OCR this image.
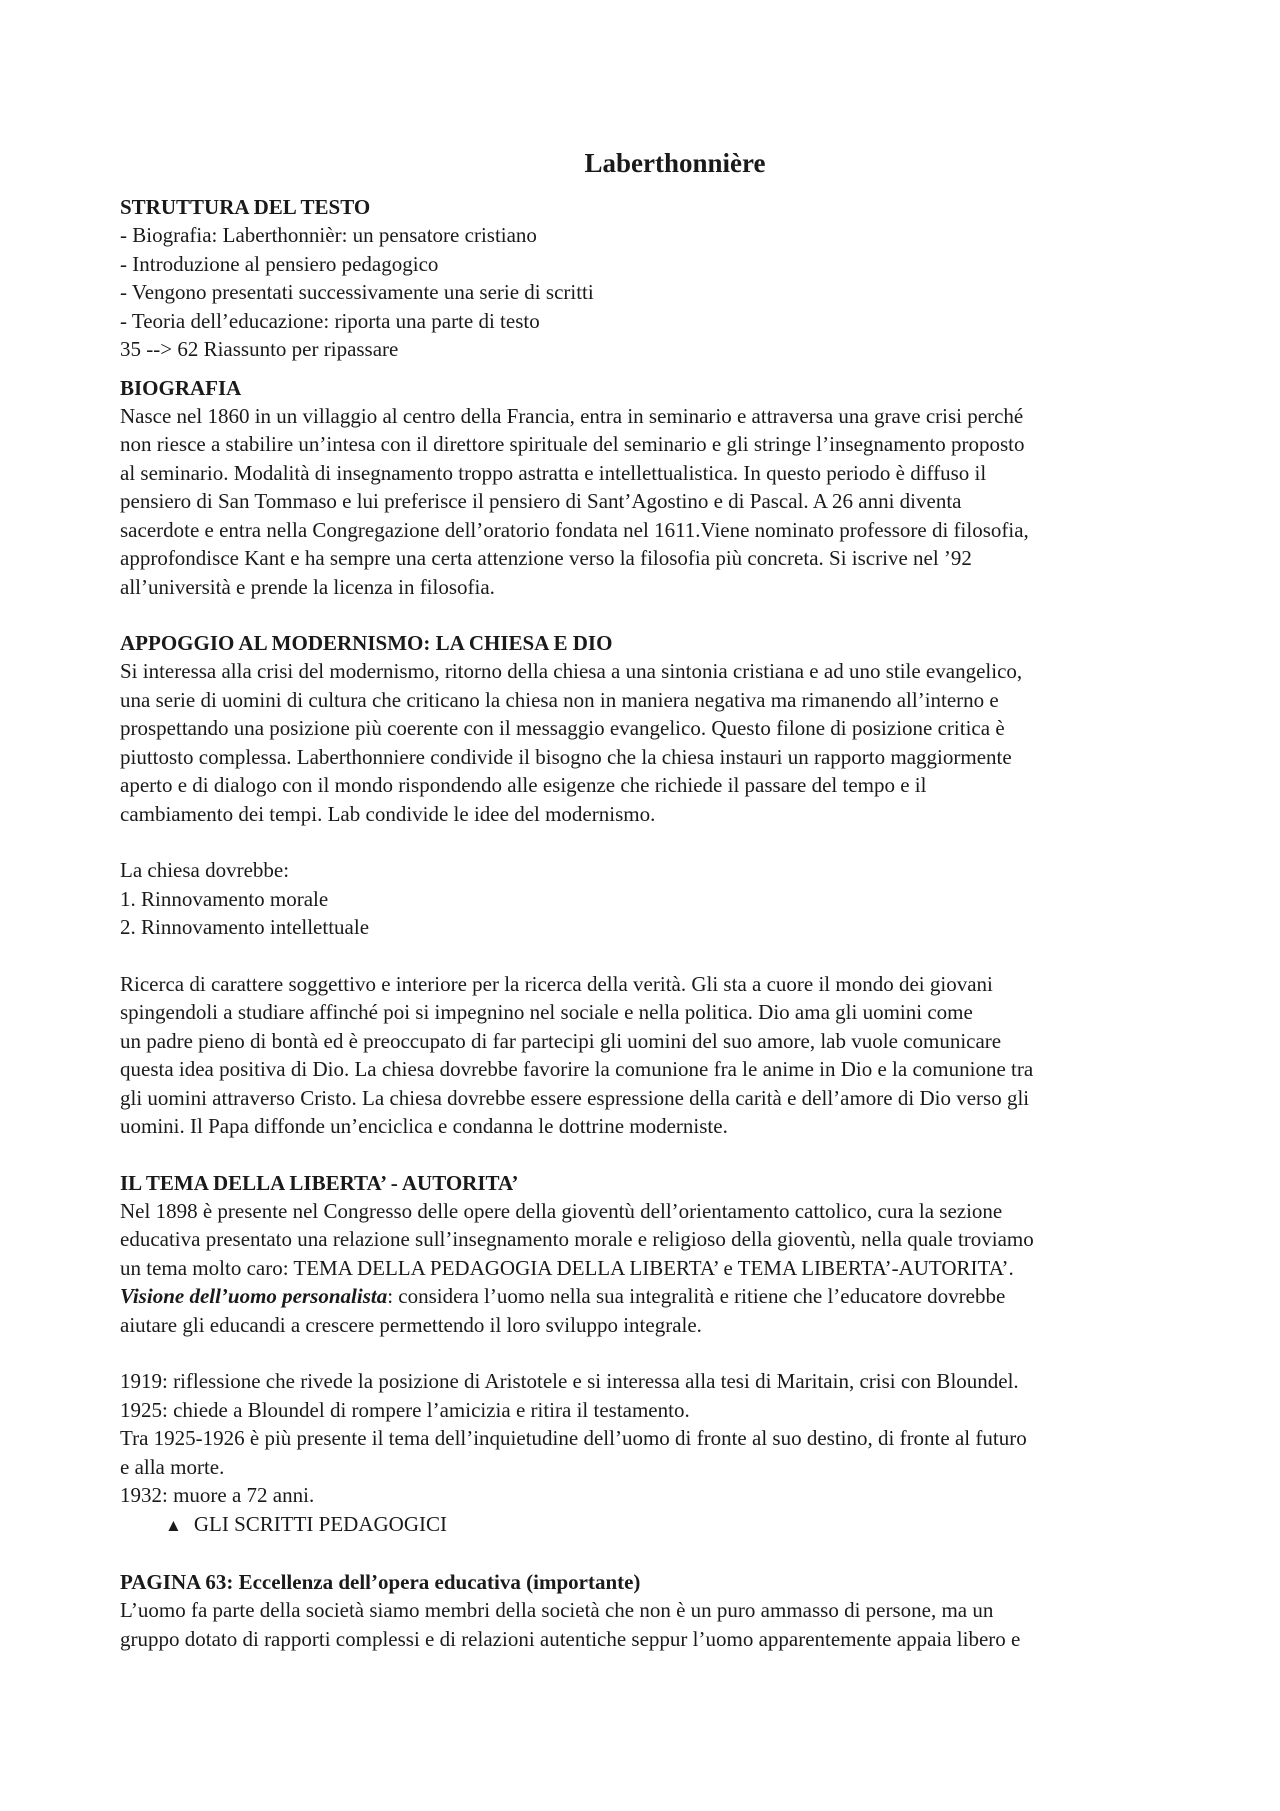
Laberthonnière
STRUTTURA DEL TESTO
- Biografia: Laberthonnièr: un pensatore cristiano
- Introduzione al pensiero pedagogico
- Vengono presentati successivamente una serie di scritti
- Teoria dell’educazione: riporta una parte di testo
35 --> 62 Riassunto per ripassare
BIOGRAFIA
Nasce nel 1860 in un villaggio al centro della Francia, entra in seminario e attraversa una grave crisi perché
non riesce a stabilire un’intesa con il direttore spirituale del seminario e gli stringe l’insegnamento proposto
al seminario. Modalità di insegnamento troppo astratta e intellettualistica. In questo periodo è diffuso il
pensiero di San Tommaso e lui preferisce il pensiero di Sant’Agostino e di Pascal. A 26 anni diventa
sacerdote e entra nella Congregazione dell’oratorio fondata nel 1611.Viene nominato professore di filosofia,
approfondisce Kant e ha sempre una certa attenzione verso la filosofia più concreta. Si iscrive nel ’92
all’università e prende la licenza in filosofia.
APPOGGIO AL MODERNISMO: LA CHIESA E DIO
Si interessa alla crisi del modernismo, ritorno della chiesa a una sintonia cristiana e ad uno stile evangelico,
una serie di uomini di cultura che criticano la chiesa non in maniera negativa ma rimanendo all’interno e
prospettando una posizione più coerente con il messaggio evangelico. Questo filone di posizione critica è
piuttosto complessa. Laberthonniere condivide il bisogno che la chiesa instauri un rapporto maggiormente
aperto e di dialogo con il mondo rispondendo alle esigenze che richiede il passare del tempo e il
cambiamento dei tempi. Lab condivide le idee del modernismo.
La chiesa dovrebbe:
1. Rinnovamento morale
2. Rinnovamento intellettuale
Ricerca di carattere soggettivo e interiore per la ricerca della verità. Gli sta a cuore il mondo dei giovani
spingendoli a studiare affinché poi si impegnino nel sociale e nella politica. Dio ama gli uomini come
un padre pieno di bontà ed è preoccupato di far partecipi gli uomini del suo amore, lab vuole comunicare
questa idea positiva di Dio. La chiesa dovrebbe favorire la comunione fra le anime in Dio e la comunione tra
gli uomini attraverso Cristo. La chiesa dovrebbe essere espressione della carità e dell’amore di Dio verso gli
uomini. Il Papa diffonde un’enciclica e condanna le dottrine moderniste.
IL TEMA DELLA LIBERTA’ - AUTORITA’
Nel 1898 è presente nel Congresso delle opere della gioventù dell’orientamento cattolico, cura la sezione
educativa presentato una relazione sull’insegnamento morale e religioso della gioventù, nella quale troviamo
un tema molto caro: TEMA DELLA PEDAGOGIA DELLA LIBERTA’ e TEMA LIBERTA’-AUTORITA’.
Visione dell’uomo personalista: considera l’uomo nella sua integralità e ritiene che l’educatore dovrebbe
aiutare gli educandi a crescere permettendo il loro sviluppo integrale.
1919: riflessione che rivede la posizione di Aristotele e si interessa alla tesi di Maritain, crisi con Bloundel.
1925: chiede a Bloundel di rompere l’amicizia e ritira il testamento.
Tra 1925-1926 è più presente il tema dell’inquietudine dell’uomo di fronte al suo destino, di fronte al futuro
e alla morte.
1932: muore a 72 anni.
▲ GLI SCRITTI PEDAGOGICI
PAGINA 63: Eccellenza dell’opera educativa (importante)
L’uomo fa parte della società siamo membri della società che non è un puro ammasso di persone, ma un
gruppo dotato di rapporti complessi e di relazioni autentiche seppur l’uomo apparentemente appaia libero e
